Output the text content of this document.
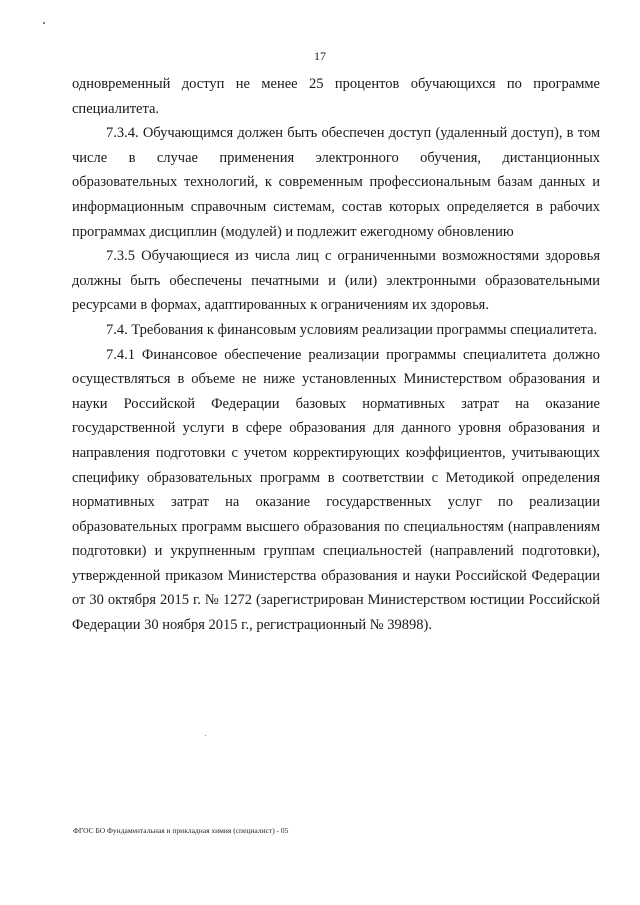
17

одновременный доступ не менее 25 процентов обучающихся по программе специалитета.

7.3.4. Обучающимся должен быть обеспечен доступ (удаленный доступ), в том числе в случае применения электронного обучения, дистанционных образовательных технологий, к современным профессиональным базам данных и информационным справочным системам, состав которых определяется в рабочих программах дисциплин (модулей) и подлежит ежегодному обновлению

7.3.5 Обучающиеся из числа лиц с ограниченными возможностями здоровья должны быть обеспечены печатными и (или) электронными образовательными ресурсами в формах, адаптированных к ограничениям их здоровья.

7.4. Требования к финансовым условиям реализации программы специалитета.

7.4.1 Финансовое обеспечение реализации программы специалитета должно осуществляться в объеме не ниже установленных Министерством образования и науки Российской Федерации базовых нормативных затрат на оказание государственной услуги в сфере образования для данного уровня образования и направления подготовки с учетом корректирующих коэффициентов, учитывающих специфику образовательных программ в соответствии с Методикой определения нормативных затрат на оказание государственных услуг по реализации образовательных программ высшего образования по специальностям (направлениям подготовки) и укрупненным группам специальностей (направлений подготовки), утвержденной приказом Министерства образования и науки Российской Федерации от 30 октября 2015 г. № 1272 (зарегистрирован Министерством юстиции Российской Федерации 30 ноября 2015 г., регистрационный № 39898).

ФГОС БО Фундаментальная и прикладная химия (специалист) - 05
